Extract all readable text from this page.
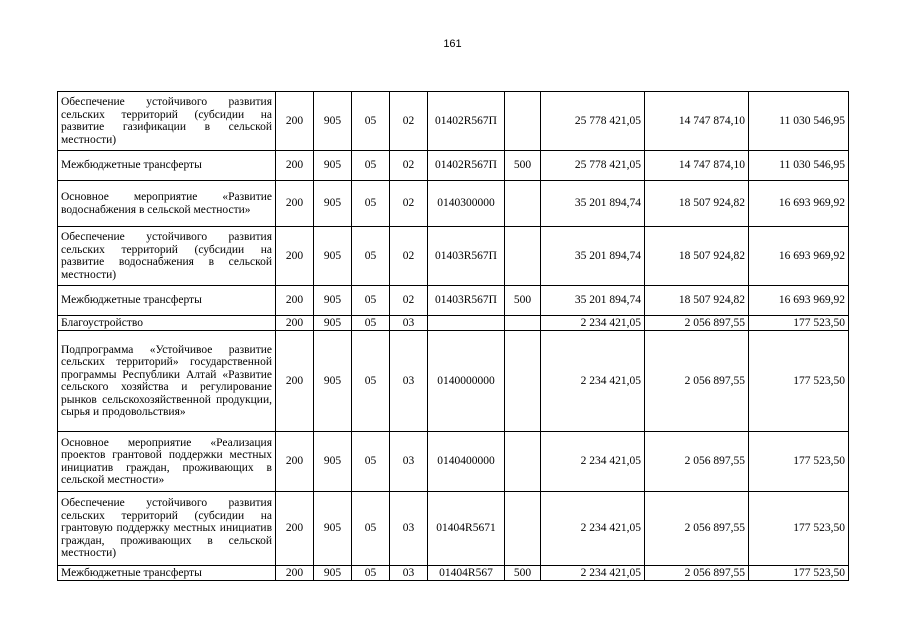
161
Обеспечение устойчивого развития сельских территорий (субсидии на развитие газификации в сельской местности)	200	905	05	02	01402R567П		25 778 421,05	14 747 874,10	11 030 546,95
Межбюджетные трансферты	200	905	05	02	01402R567П	500	25 778 421,05	14 747 874,10	11 030 546,95
Основное мероприятие «Развитие водоснабжения в сельской местности»	200	905	05	02	0140300000		35 201 894,74	18 507 924,82	16 693 969,92
Обеспечение устойчивого развития сельских территорий (субсидии на развитие водоснабжения в сельской местности)	200	905	05	02	01403R567П		35 201 894,74	18 507 924,82	16 693 969,92
Межбюджетные трансферты	200	905	05	02	01403R567П	500	35 201 894,74	18 507 924,82	16 693 969,92
Благоустройство	200	905	05	03			2 234 421,05	2 056 897,55	177 523,50
Подпрограмма «Устойчивое развитие сельских территорий» государственной программы Республики Алтай «Развитие сельского хозяйства и регулирование рынков сельскохозяйственной продукции, сырья и продовольствия»	200	905	05	03	0140000000		2 234 421,05	2 056 897,55	177 523,50
Основное мероприятие «Реализация проектов грантовой поддержки местных инициатив граждан, проживающих в сельской местности»	200	905	05	03	0140400000		2 234 421,05	2 056 897,55	177 523,50
Обеспечение устойчивого развития сельских территорий (субсидии на грантовую поддержку местных инициатив граждан, проживающих в сельской местности)	200	905	05	03	01404R5671		2 234 421,05	2 056 897,55	177 523,50
Межбюджетные трансферты	200	905	05	03	01404R567	500	2 234 421,05	2 056 897,55	177 523,50
